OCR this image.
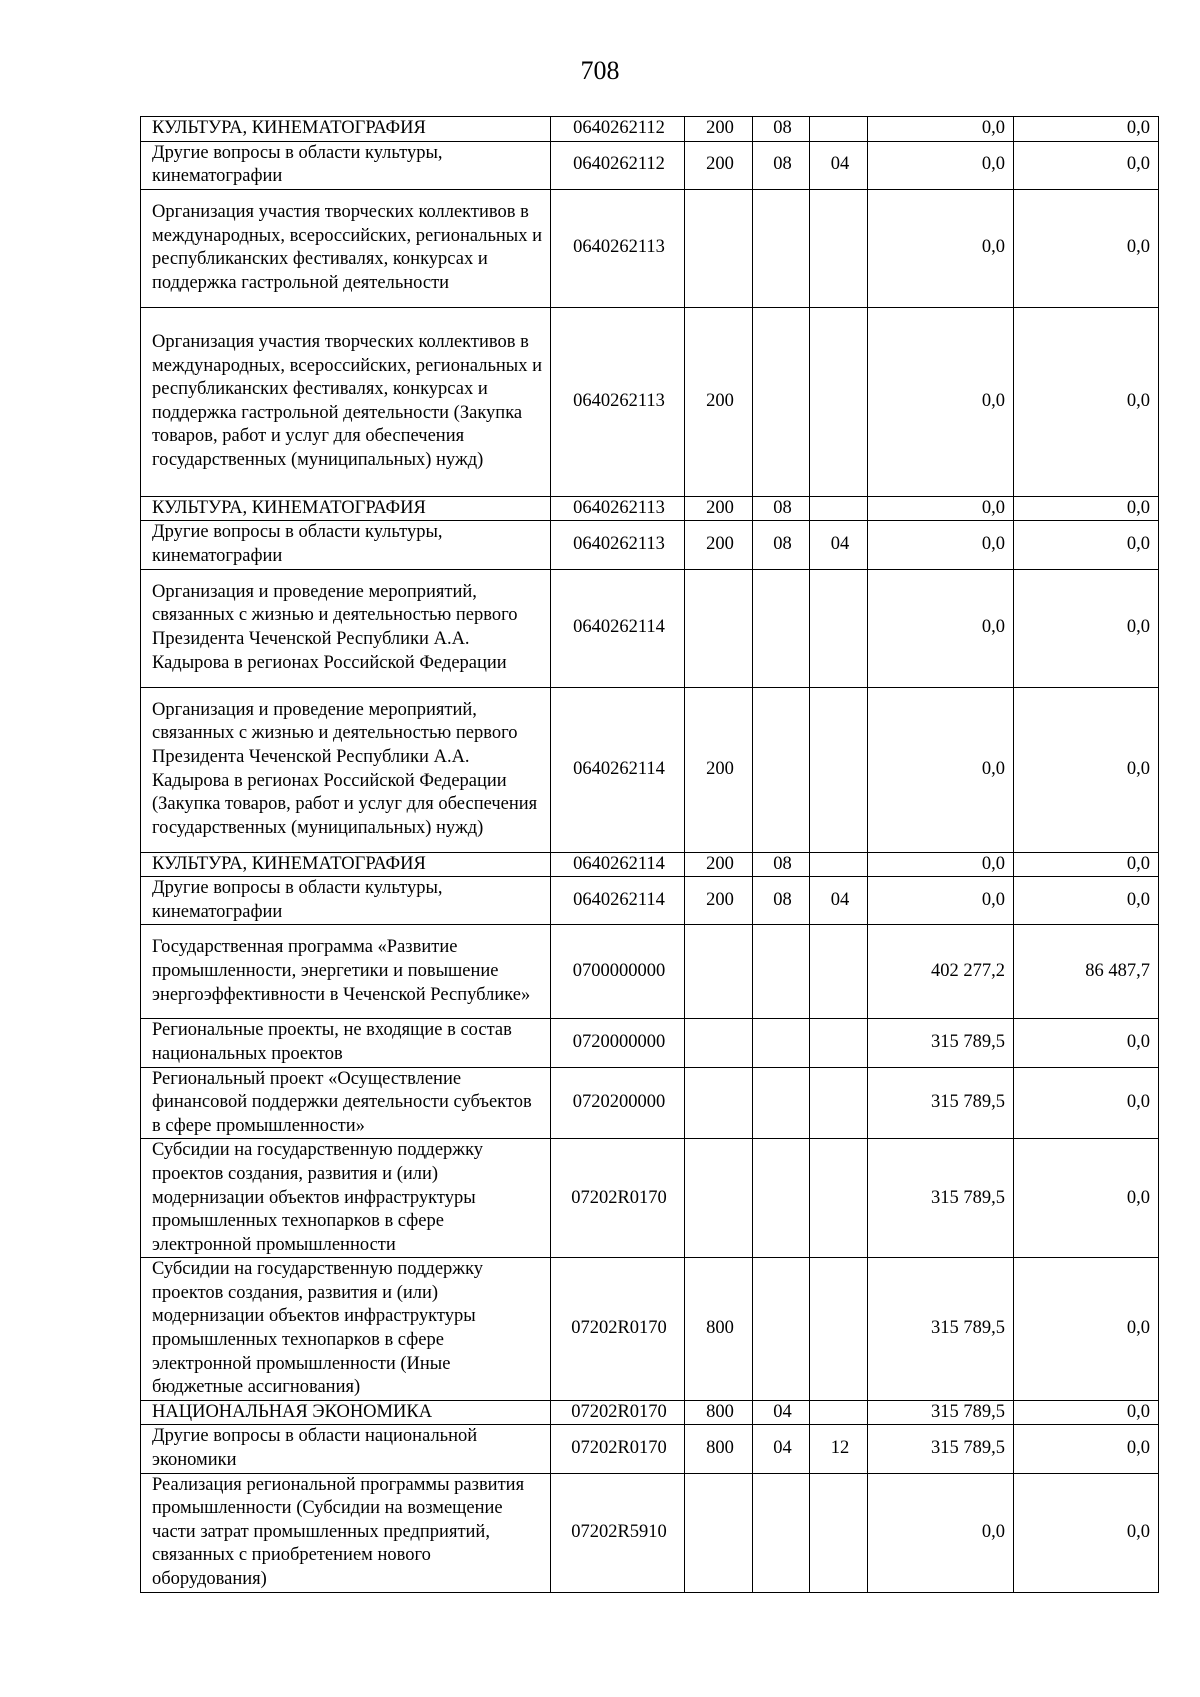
708
КУЛЬТУРА, КИНЕМАТОГРАФИЯ	0640262112	200	08		0,0	0,0
Другие вопросы в области культуры, кинематографии	0640262112	200	08	04	0,0	0,0
Организация участия творческих коллективов в международных, всероссийских, региональных и республиканских фестивалях, конкурсах и поддержка гастрольной деятельности	0640262113				0,0	0,0
Организация участия творческих коллективов в международных, всероссийских, региональных и республиканских фестивалях, конкурсах и поддержка гастрольной деятельности (Закупка товаров, работ и услуг для обеспечения государственных (муниципальных) нужд)	0640262113	200			0,0	0,0
КУЛЬТУРА, КИНЕМАТОГРАФИЯ	0640262113	200	08		0,0	0,0
Другие вопросы в области культуры, кинематографии	0640262113	200	08	04	0,0	0,0
Организация и проведение мероприятий, связанных с жизнью и деятельностью первого Президента Чеченской Республики А.А. Кадырова в регионах Российской Федерации	0640262114				0,0	0,0
Организация и проведение мероприятий, связанных с жизнью и деятельностью первого Президента Чеченской Республики А.А. Кадырова в регионах Российской Федерации (Закупка товаров, работ и услуг для обеспечения государственных (муниципальных) нужд)	0640262114	200			0,0	0,0
КУЛЬТУРА, КИНЕМАТОГРАФИЯ	0640262114	200	08		0,0	0,0
Другие вопросы в области культуры, кинематографии	0640262114	200	08	04	0,0	0,0
Государственная программа «Развитие промышленности, энергетики и повышение энергоэффективности в Чеченской Республике»	0700000000				402 277,2	86 487,7
Региональные проекты, не входящие в состав национальных проектов	0720000000				315 789,5	0,0
Региональный проект «Осуществление финансовой поддержки деятельности субъектов в сфере промышленности»	0720200000				315 789,5	0,0
Субсидии на государственную поддержку проектов создания, развития и (или) модернизации объектов инфраструктуры промышленных технопарков в сфере электронной промышленности	07202R0170				315 789,5	0,0
Субсидии на государственную поддержку проектов создания, развития и (или) модернизации объектов инфраструктуры промышленных технопарков в сфере электронной промышленности (Иные бюджетные ассигнования)	07202R0170	800			315 789,5	0,0
НАЦИОНАЛЬНАЯ ЭКОНОМИКА	07202R0170	800	04		315 789,5	0,0
Другие вопросы в области национальной экономики	07202R0170	800	04	12	315 789,5	0,0
Реализация региональной программы развития промышленности (Субсидии на возмещение части затрат промышленных предприятий, связанных с приобретением нового оборудования)	07202R5910				0,0	0,0
